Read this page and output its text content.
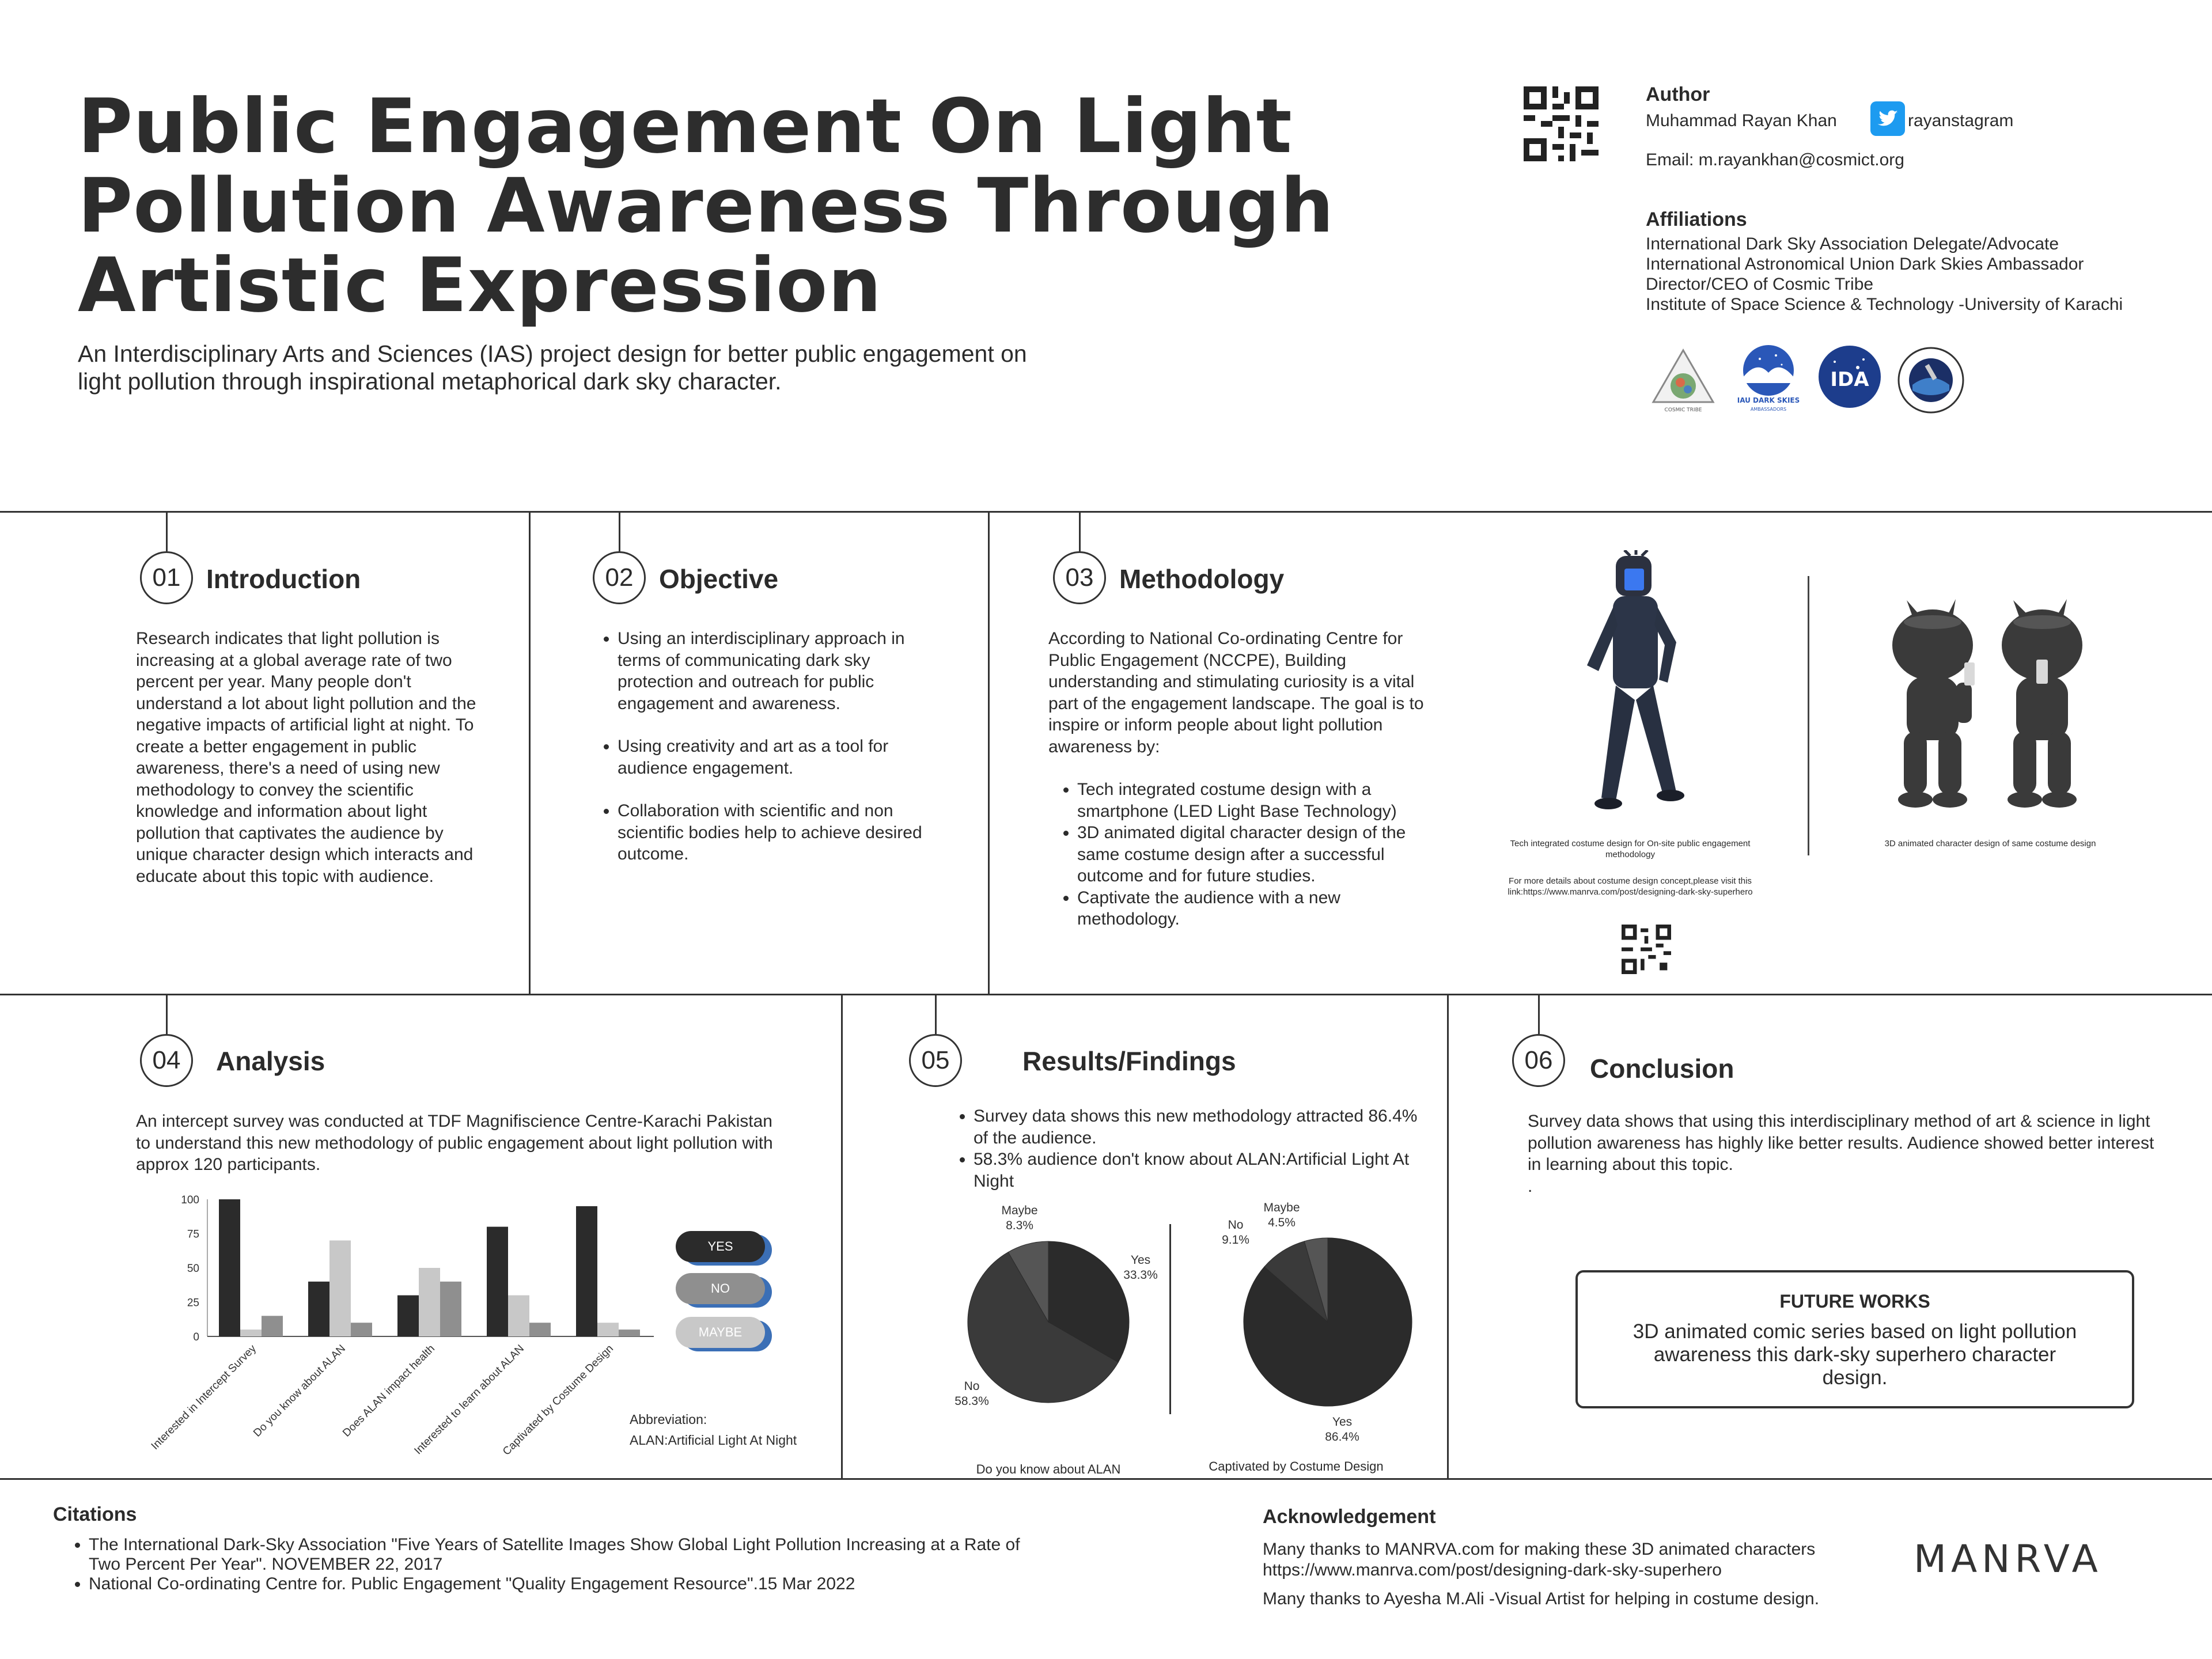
Public Engagement On Light
Pollution Awareness Through
Artistic Expression
An Interdisciplinary Arts and Sciences (IAS) project design for better public engagement on light pollution through inspirational metaphorical dark sky character.
Author
Muhammad Rayan Khan	rayanstagram
Email: m.rayankhan@cosmict.org
Affiliations
International Dark Sky Association Delegate/Advocate
International Astronomical Union Dark Skies Ambassador
Director/CEO of Cosmic Tribe
Institute of Space Science & Technology -University of Karachi
COSMIC TRIBE
IAU DARK SKIES
AMBASSADORS
IDA
01 Introduction
Research indicates that light pollution is increasing at a global average rate of two percent per year. Many people don't understand a lot about light pollution and the negative impacts of artificial light at night. To create a better engagement in public awareness, there's a need of using new methodology to convey the scientific knowledge and information about light pollution that captivates the audience by unique character design which interacts and educate about this topic with audience.
02 Objective
• Using an interdisciplinary approach in terms of communicating dark sky protection and outreach for public engagement and awareness.
• Using creativity and art as a tool for audience engagement.
• Collaboration with scientific and non scientific bodies help to achieve desired outcome.
03 Methodology
According to National Co-ordinating Centre for Public Engagement (NCCPE), Building understanding and stimulating curiosity is a vital part of the engagement landscape. The goal is to inspire or inform people about light pollution awareness by:
• Tech integrated costume design with a smartphone (LED Light Base Technology)
• 3D animated digital character design of the same costume design after a successful outcome and for future studies.
• Captivate the audience with a new methodology.
Tech integrated costume design for On-site public engagement methodology
For more details about costume design concept,please visit this link:https://www.manrva.com/post/designing-dark-sky-superhero
3D animated character design of same costume design
04	Analysis
An intercept survey was conducted at TDF Magnifiscience Centre-Karachi Pakistan to understand this new methodology of public engagement about light pollution with approx 120 participants.
0
25
50
75
100
Interested in Intercept Survey
Do you know about ALAN
Does ALAN impact health
Interested to learn about ALAN
Captivated by Costume Design
YES
NO
MAYBE
Abbreviation:
ALAN:Artificial Light At Night
05	Results/Findings
• Survey data shows this new methodology attracted 86.4% of the audience.
• 58.3% audience don't know about ALAN:Artificial Light At Night
Yes
33.3%
No
58.3%
Maybe
8.3%
Do you know about ALAN
Yes
86.4%
No
9.1%
Maybe
4.5%
Captivated by Costume Design
06	Conclusion
Survey data shows that using this interdisciplinary method of art & science in light pollution awareness has highly like better results. Audience showed better interest in learning about this topic.
.
FUTURE WORKS
3D animated comic series based on light pollution awareness this dark-sky superhero character design.
Citations
• The International Dark-Sky Association "Five Years of Satellite Images Show Global Light Pollution Increasing at a Rate of Two Percent Per Year". NOVEMBER 22, 2017
• National Co-ordinating Centre for. Public Engagement "Quality Engagement Resource".15 Mar 2022
Acknowledgement
Many thanks to MANRVA.com for making these 3D animated characters
https://www.manrva.com/post/designing-dark-sky-superhero
Many thanks to Ayesha M.Ali -Visual Artist for helping in costume design.
MANRVA
